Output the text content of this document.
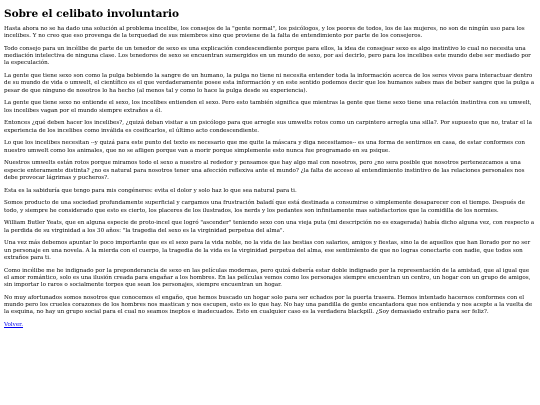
Sobre el celibato involuntario

Hasta ahora no se ha dado una solución al problema incelibe, los consejos de la "gente normal", los psicólogos, y los peores de todos, los de las mujeres, no son de ningún uso para los incelibes. Y no creo que eso provenga de la terquedad de sus miembros sino que proviene de la falta de entendimiento por parte de los consejeros.

Todo consejo para un incélibe de parte de un tenedor de sexo es una explicación condescendiente porque para ellos, la idea de consejear sexo es algo instintivo lo cual no necesita una mediación intelectiva de ninguna clase. Los tenedores de sexo se encuentran sumergidos en un mundo de sexo, por así decirlo, pero para los incelibes este mundo debe ser mediado por la especulación.

La gente que tiene sexo son como la pulga bebiendo la sangre de un humano, la pulga no tiene ni necesita entender toda la información acerca de los seres vivos para interactuar dentro de su mundo de vida o umwelt, el científico es el que verdaderamente posee esta información y en este sentido podemos decir que los humanos sabes mas de beber sangre que la pulga a pesar de que ninguno de nosotros lo ha hecho (al menos tal y como lo hace la pulga desde su experiencia).

La gente que tiene sexo no entiende el sexo, los incelibes entienden el sexo. Pero esto también significa que mientras la gente que tiene sexo tiene una relación instintiva con su umwelt, los incelibes vagan por el mundo siempre extraños a él.

Entonces ¿qué deben hacer los incelibes?, ¿quizá deban visitar a un psicólogo para que arregle sus umwelts rotos como un carpintero arregla una silla?. Por supuesto que no, tratar el la experiencia de los incelibes como inválida es cosificarlos, el último acto condescendiente.

Lo que los incelibes necesitan --y quizá para este punto del texto es necesario que me quite la máscara y diga necesitamos-- es una forma de sentirnos en casa, de estar conformes con nuestro umwelt como los animales, que no se afligen porque van a morir porque simplemente esto nunca fue programado en su psique.

Nuestros umwelts están rotos porque miramos todo el sexo a nuestro al rededor y pensamos que hay algo mal con nosotros, pero ¿no sera posible que nosotros pertenezcamos a una especie enteramente distinta? ¿no es natural para nosotros tener una afección reflexiva ante el mundo? ¿la falta de acceso al entendimiento instintivo de las relaciones personales nos debe provocar lágrimas y pucheros?.

Esta es la sabiduría que tengo para mis congéneres: evita el dolor y solo haz lo que sea natural para ti.

Somos producto de una sociedad profundamente superficial y cargamos una frustración baladí que está destinada a consumirse o simplemente desaparecer con el tiempo. Después de todo, y siempre he considerado que esto es cierto, los placeres de los ilustrados, los nerds y los pedantes son infinitamente mas satisfactorios que la comidilla de los normies.

William Butler Yeats, que en alguna especie de proto-incel que logró "ascender" teniendo sexo con una vieja puta (mi descripción no es exagerada) había dicho alguna vez, con respecto a la perdida de su virginidad a los 30 años: "la tragedia del sexo es la virginidad perpetua del alma".

Una vez más debemos apuntar lo poco importante que es el sexo para la vida noble, no la vida de las bestias con salarios, amigos y fiestas, sino la de aquellos que han llorado por no ser un personaje en una novela. A la mierda con el cuerpo, la tragedia de la vida es la virginidad perpetua del alma, ese sentimiento de que no logras conectarte con nadie, que todos son extraños para ti.

Como incélibe me he indignado por la preponderancia de sexo en las películas modernas, pero quizá debería estar doble indignado por la representación de la amistad, que al igual que el amor romántico, solo es una ilusión creada para engañar a los hombres. En las películas vemos como los personajes siempre encuentran un centro, un hogar con un grupo de amigos, sin importar lo raros o socialmente torpes que sean los personajes, siempre encuentran un hogar.

No muy afortunados somos nosotros que conocemos el engaño, que hemos buscado un hogar solo para ser echados por la puerta trasera. Hemos intentado hacernos conformes con el mundo pero los crueles corazones de los hombres nos mastican y nos escupen, esto es lo que hay. No hay una pandilla de gente encantadora que nos entienda y nos acepte a la vuelta de la esquina, no hay un grupo social para el cual no seamos ineptos e inadecuados. Esto en cualquier caso es la verdadera blackpill. ¿Soy demasiado extraño para ser feliz?.

Volver.
